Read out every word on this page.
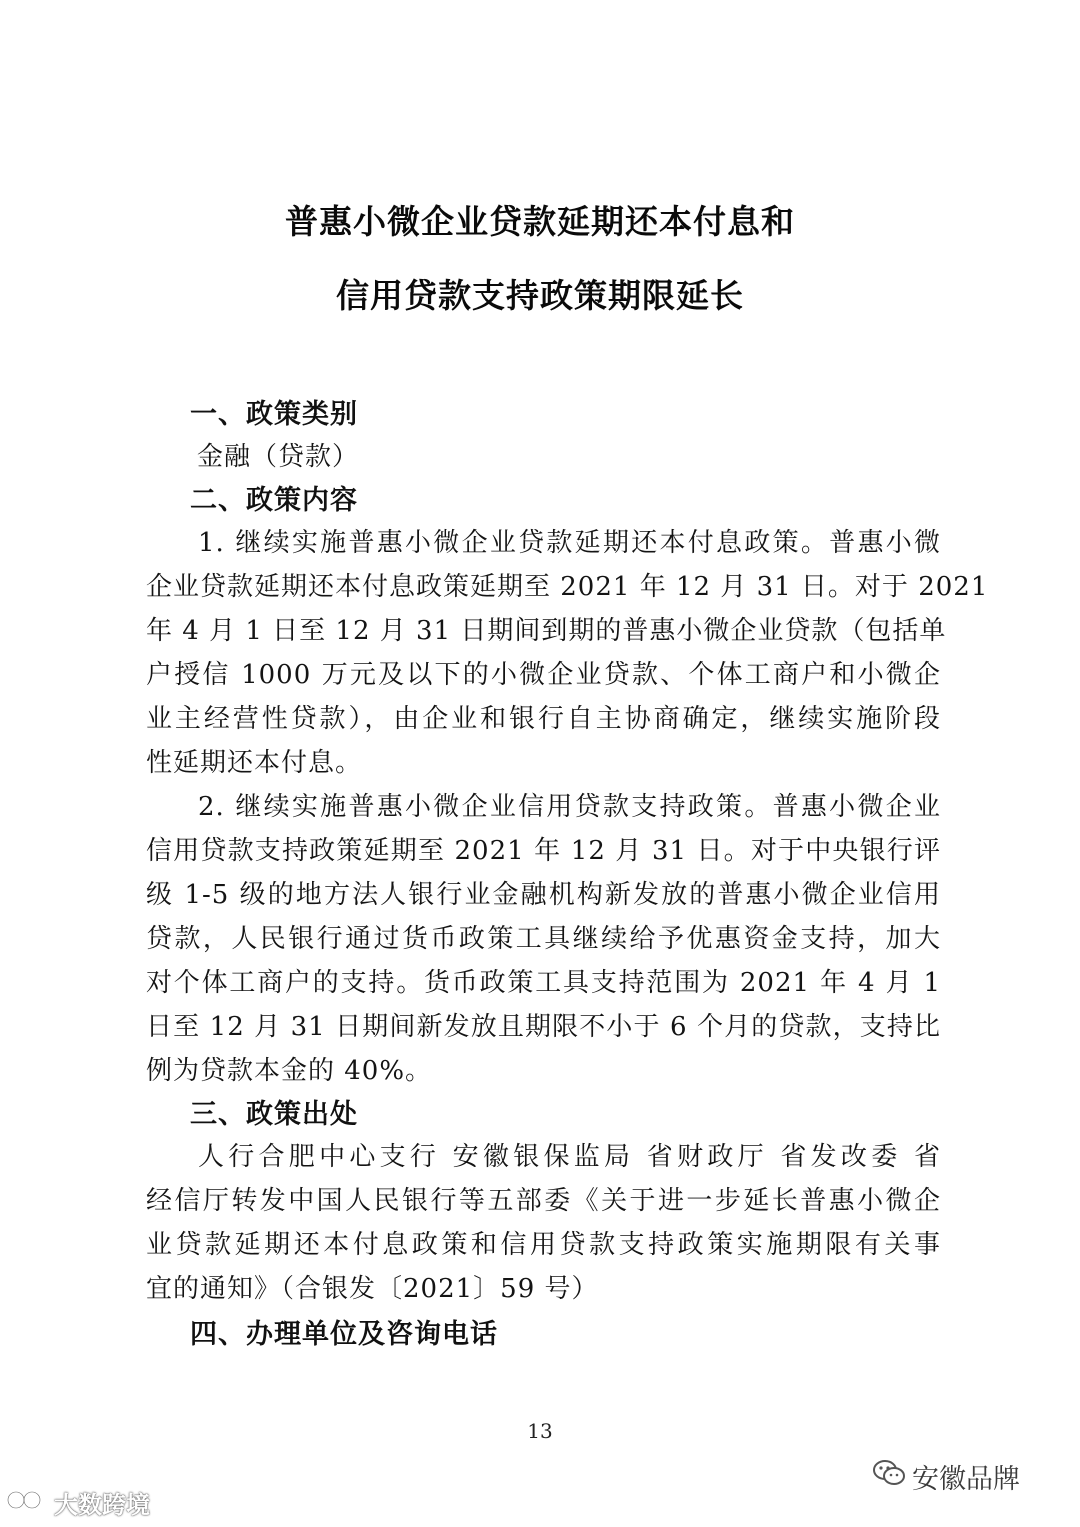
普惠小微企业贷款延期还本付息和
信用贷款支持政策期限延长
一、政策类别
金融（贷款）
二、政策内容
1. 继续实施普惠小微企业贷款延期还本付息政策。普惠小微
企业贷款延期还本付息政策延期至 2021 年 12 月 31 日。对于 2021
年 4 月 1 日至 12 月 31 日期间到期的普惠小微企业贷款（包括单
户授信 1000 万元及以下的小微企业贷款、个体工商户和小微企
业主经营性贷款），由企业和银行自主协商确定，继续实施阶段
性延期还本付息。
2. 继续实施普惠小微企业信用贷款支持政策。普惠小微企业
信用贷款支持政策延期至 2021 年 12 月 31 日。对于中央银行评
级 1-5 级的地方法人银行业金融机构新发放的普惠小微企业信用
贷款，人民银行通过货币政策工具继续给予优惠资金支持，加大
对个体工商户的支持。货币政策工具支持范围为 2021 年 4 月 1
日至 12 月 31 日期间新发放且期限不小于 6 个月的贷款，支持比
例为贷款本金的 40%。
三、政策出处
人行合肥中心支行 安徽银保监局 省财政厅 省发改委 省
经信厅转发中国人民银行等五部委《关于进一步延长普惠小微企
业贷款延期还本付息政策和信用贷款支持政策实施期限有关事
宜的通知》（合银发〔2021〕59 号）
四、办理单位及咨询电话
13
安徽品牌
大数跨境
